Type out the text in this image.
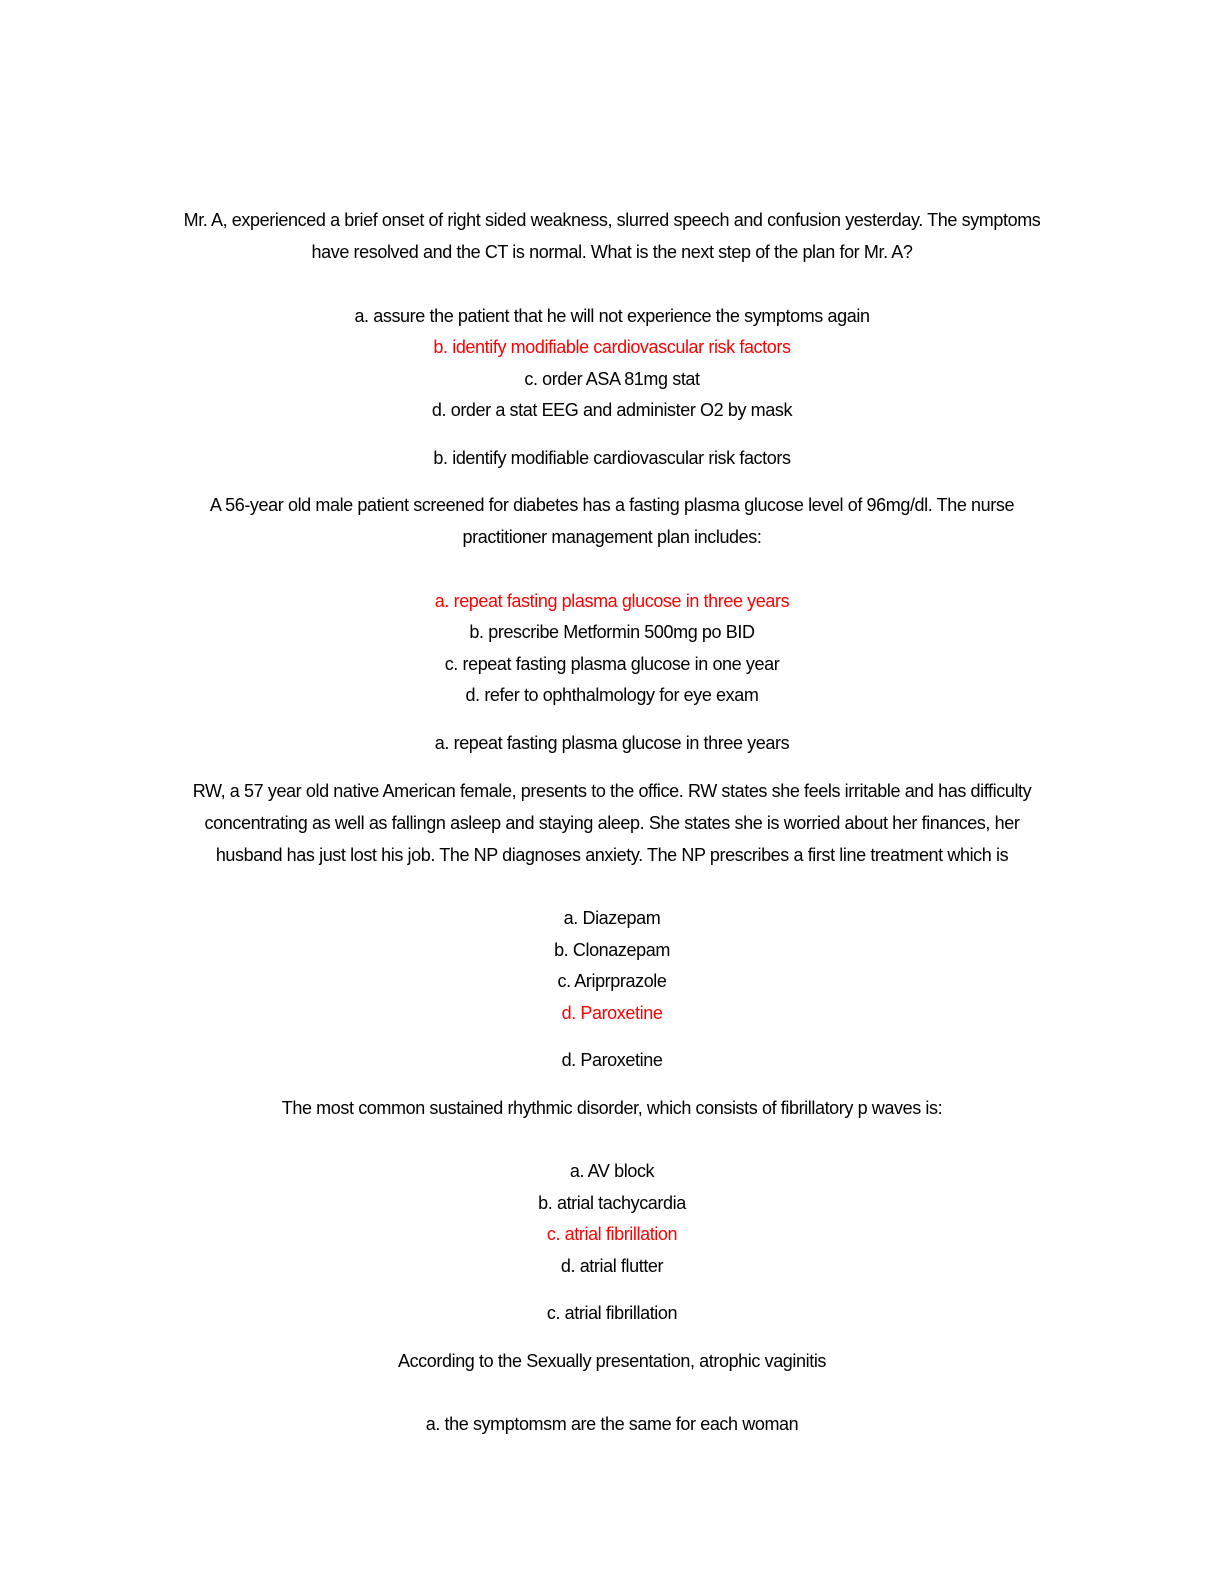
Mr. A, experienced a brief onset of right sided weakness, slurred speech and confusion yesterday. The symptoms
have resolved and the CT is normal. What is the next step of the plan for Mr. A?
a. assure the patient that he will not experience the symptoms again
b. identify modifiable cardiovascular risk factors
c. order ASA 81mg stat
d. order a stat EEG and administer O2 by mask
b. identify modifiable cardiovascular risk factors
A 56-year old male patient screened for diabetes has a fasting plasma glucose level of 96mg/dl. The nurse
practitioner management plan includes:
a. repeat fasting plasma glucose in three years
b. prescribe Metformin 500mg po BID
c. repeat fasting plasma glucose in one year
d. refer to ophthalmology for eye exam
a. repeat fasting plasma glucose in three years
RW, a 57 year old native American female, presents to the office. RW states she feels irritable and has difficulty
concentrating as well as fallingn asleep and staying aleep. She states she is worried about her finances, her
husband has just lost his job. The NP diagnoses anxiety. The NP prescribes a first line treatment which is
a. Diazepam
b. Clonazepam
c. Ariprprazole
d. Paroxetine
d. Paroxetine
The most common sustained rhythmic disorder, which consists of fibrillatory p waves is:
a. AV block
b. atrial tachycardia
c. atrial fibrillation
d. atrial flutter
c. atrial fibrillation
According to the Sexually presentation, atrophic vaginitis
a. the symptomsm are the same for each woman
